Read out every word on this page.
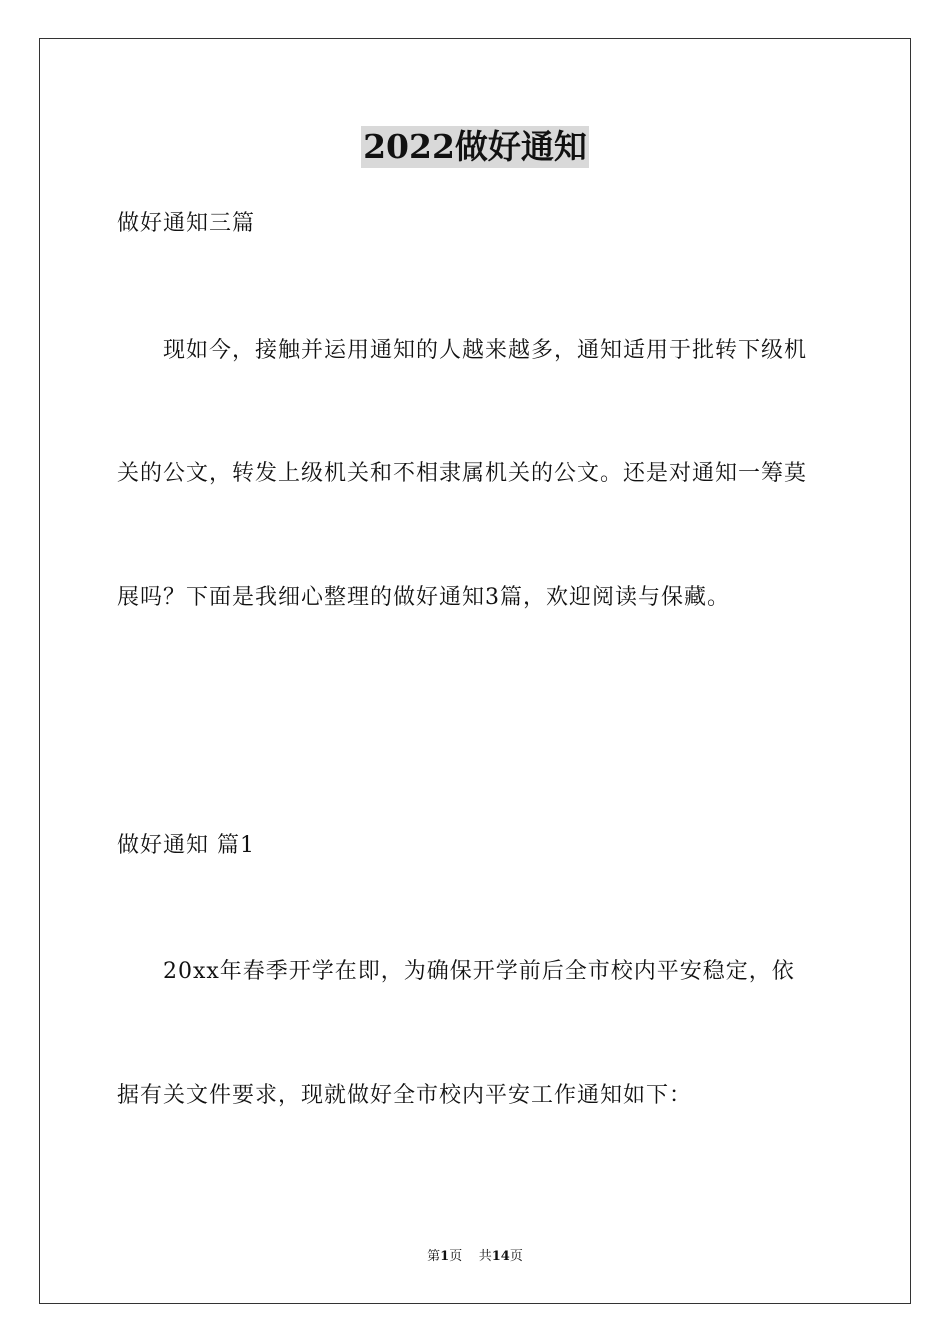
2022做好通知
做好通知三篇
现如今，接触并运用通知的人越来越多，通知适用于批转下级机
关的公文，转发上级机关和不相隶属机关的公文。还是对通知一筹莫
展吗？下面是我细心整理的做好通知3篇，欢迎阅读与保藏。
做好通知 篇1
20xx年春季开学在即，为确保开学前后全市校内平安稳定，依
据有关文件要求，现就做好全市校内平安工作通知如下：
第1页 共14页
